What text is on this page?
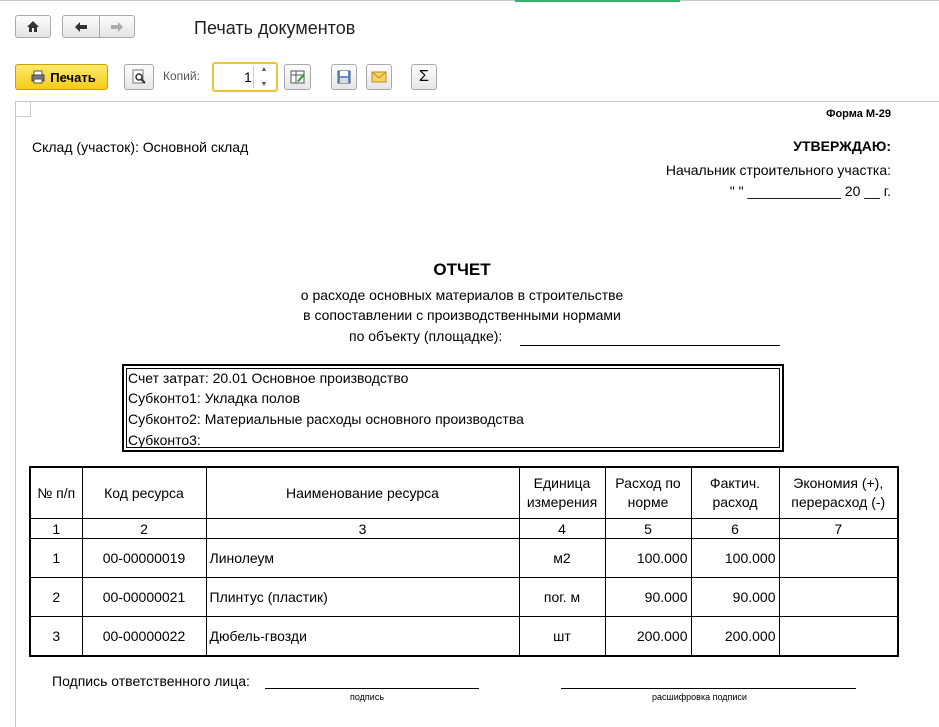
Печать документов
Печать	Копий:	1 ▲
▼	Σ
Форма М-29
Склад (участок): Основной склад	УТВЕРЖДАЮ:
Начальник строительного участка:
" " ____________ 20 __ г.
ОТЧЕТ
о расходе основных материалов в строительстве
в сопоставлении с производственными нормами
по объекту (площадке):
Счет затрат: 20.01 Основное производство
Субконто1: Укладка полов
Субконто2: Материальные расходы основного производства
Субконто3:
№ п/п	Код ресурса	Наименование ресурса	Единица измерения	Расход по норме	Фактич. расход	Экономия (+), перерасход (-)
1	2	3	4	5	6	7
1	00-00000019	Линолеум	м2	100.000	100.000	
2	00-00000021	Плинтус (пластик)	пог. м	90.000	90.000	
3	00-00000022	Дюбель-гвозди	шт	200.000	200.000	
Подпись ответственного лица:
подпись	расшифровка подписи
